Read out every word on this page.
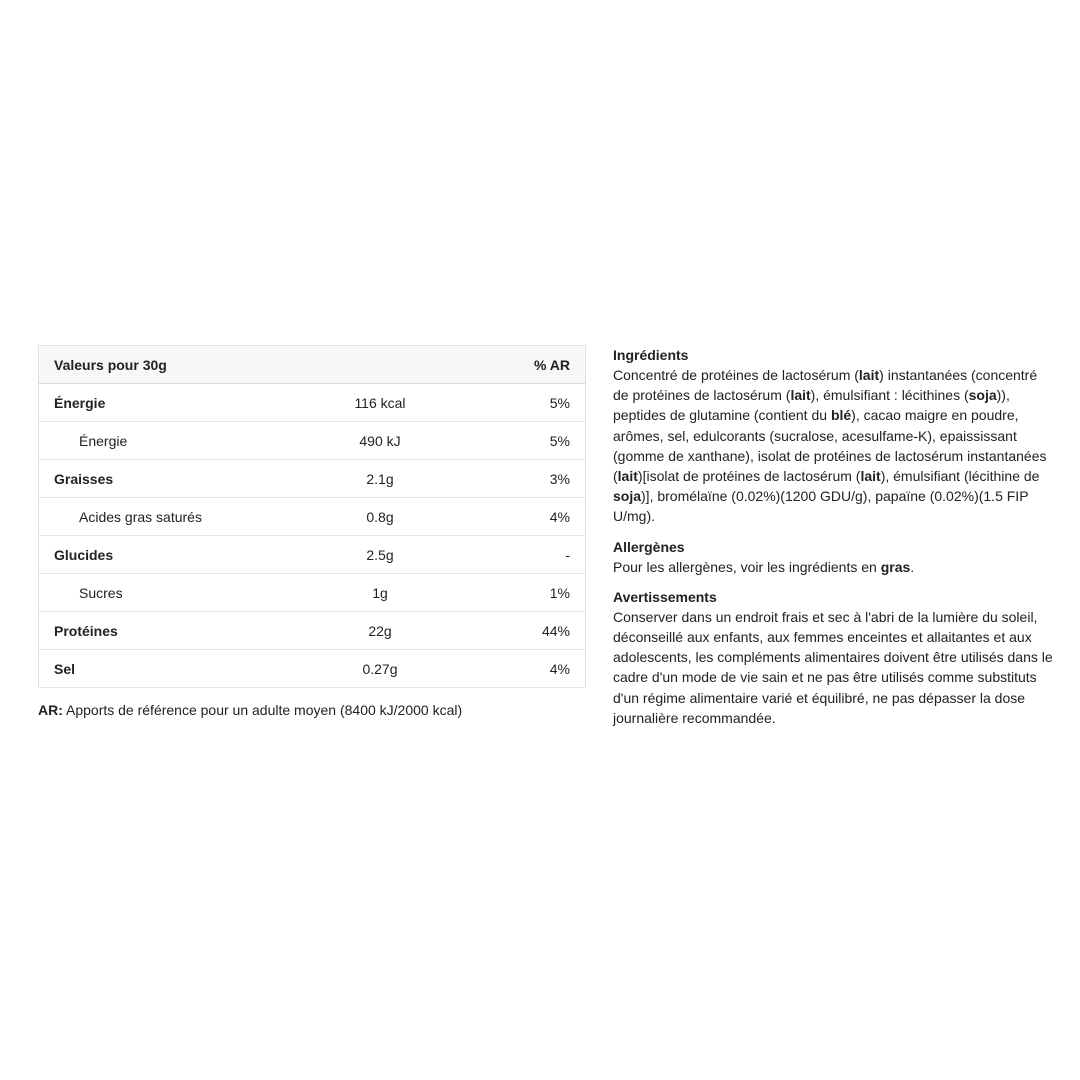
Valeurs pour 30g		% AR
Énergie	116 kcal	5%
Énergie	490 kJ	5%
Graisses	2.1g	3%
Acides gras saturés	0.8g	4%
Glucides	2.5g	-
Sucres	1g	1%
Protéines	22g	44%
Sel	0.27g	4%
AR: Apports de référence pour un adulte moyen (8400 kJ/2000 kcal)
Ingrédients

Concentré de protéines de lactosérum (lait) instantanées (concentré de protéines de lactosérum (lait), émulsifiant : lécithines (soja)), peptides de glutamine (contient du blé), cacao maigre en poudre, arômes, sel, edulcorants (sucralose, acesulfame-K), epaississant (gomme de xanthane), isolat de protéines de lactosérum instantanées (lait)[isolat de protéines de lactosérum (lait), émulsifiant (lécithine de soja)], bromélaïne (0.02%)(1200 GDU/g), papaïne (0.02%)(1.5 FIP U/mg).

Allergènes

Pour les allergènes, voir les ingrédients en gras.

Avertissements

Conserver dans un endroit frais et sec à l'abri de la lumière du soleil, déconseillé aux enfants, aux femmes enceintes et allaitantes et aux adolescents, les compléments alimentaires doivent être utilisés dans le cadre d'un mode de vie sain et ne pas être utilisés comme substituts d'un régime alimentaire varié et équilibré, ne pas dépasser la dose journalière recommandée.
